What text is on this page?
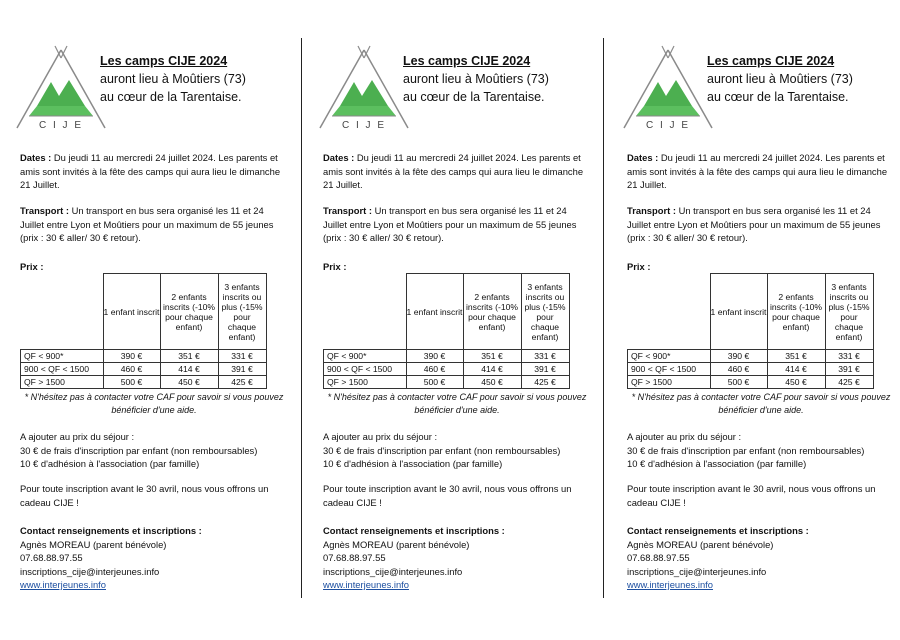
C I J E
Les camps CIJE 2024
auront lieu à Moûtiers (73)
au cœur de la Tarentaise.
Dates : Du jeudi 11 au mercredi 24 juillet 2024. Les parents et amis sont invités à la fête des camps qui aura lieu le dimanche 21 Juillet.
Transport : Un transport en bus sera organisé les 11 et 24 Juillet entre Lyon et Moûtiers pour un maximum de 55 jeunes (prix : 30 € aller/ 30 € retour).
Prix :
	1 enfant inscrit	2 enfants inscrits (-10% pour chaque enfant)	3 enfants inscrits ou plus (-15% pour chaque enfant)
QF < 900*	390 €	351 €	331 €
900 < QF < 1500	460 €	414 €	391 €
QF > 1500	500 €	450 €	425 €
* N'hésitez pas à contacter votre CAF pour savoir si vous pouvez bénéficier d'une aide.
A ajouter au prix du séjour :
30 € de frais d'inscription par enfant (non remboursables)
10 € d'adhésion à l'association (par famille)
Pour toute inscription avant le 30 avril, nous vous offrons un cadeau CIJE !
Contact renseignements et inscriptions :
Agnès MOREAU (parent bénévole)
07.68.88.97.55
inscriptions_cije@interjeunes.info
www.interjeunes.info
C I J E
Les camps CIJE 2024
auront lieu à Moûtiers (73)
au cœur de la Tarentaise.
Dates : Du jeudi 11 au mercredi 24 juillet 2024. Les parents et amis sont invités à la fête des camps qui aura lieu le dimanche 21 Juillet.
Transport : Un transport en bus sera organisé les 11 et 24 Juillet entre Lyon et Moûtiers pour un maximum de 55 jeunes (prix : 30 € aller/ 30 € retour).
Prix :
	1 enfant inscrit	2 enfants inscrits (-10% pour chaque enfant)	3 enfants inscrits ou plus (-15% pour chaque enfant)
QF < 900*	390 €	351 €	331 €
900 < QF < 1500	460 €	414 €	391 €
QF > 1500	500 €	450 €	425 €
* N'hésitez pas à contacter votre CAF pour savoir si vous pouvez bénéficier d'une aide.
A ajouter au prix du séjour :
30 € de frais d'inscription par enfant (non remboursables)
10 € d'adhésion à l'association (par famille)
Pour toute inscription avant le 30 avril, nous vous offrons un cadeau CIJE !
Contact renseignements et inscriptions :
Agnès MOREAU (parent bénévole)
07.68.88.97.55
inscriptions_cije@interjeunes.info
www.interjeunes.info
C I J E
Les camps CIJE 2024
auront lieu à Moûtiers (73)
au cœur de la Tarentaise.
Dates : Du jeudi 11 au mercredi 24 juillet 2024. Les parents et amis sont invités à la fête des camps qui aura lieu le dimanche 21 Juillet.
Transport : Un transport en bus sera organisé les 11 et 24 Juillet entre Lyon et Moûtiers pour un maximum de 55 jeunes (prix : 30 € aller/ 30 € retour).
Prix :
	1 enfant inscrit	2 enfants inscrits (-10% pour chaque enfant)	3 enfants inscrits ou plus (-15% pour chaque enfant)
QF < 900*	390 €	351 €	331 €
900 < QF < 1500	460 €	414 €	391 €
QF > 1500	500 €	450 €	425 €
* N'hésitez pas à contacter votre CAF pour savoir si vous pouvez bénéficier d'une aide.
A ajouter au prix du séjour :
30 € de frais d'inscription par enfant (non remboursables)
10 € d'adhésion à l'association (par famille)
Pour toute inscription avant le 30 avril, nous vous offrons un cadeau CIJE !
Contact renseignements et inscriptions :
Agnès MOREAU (parent bénévole)
07.68.88.97.55
inscriptions_cije@interjeunes.info
www.interjeunes.info
